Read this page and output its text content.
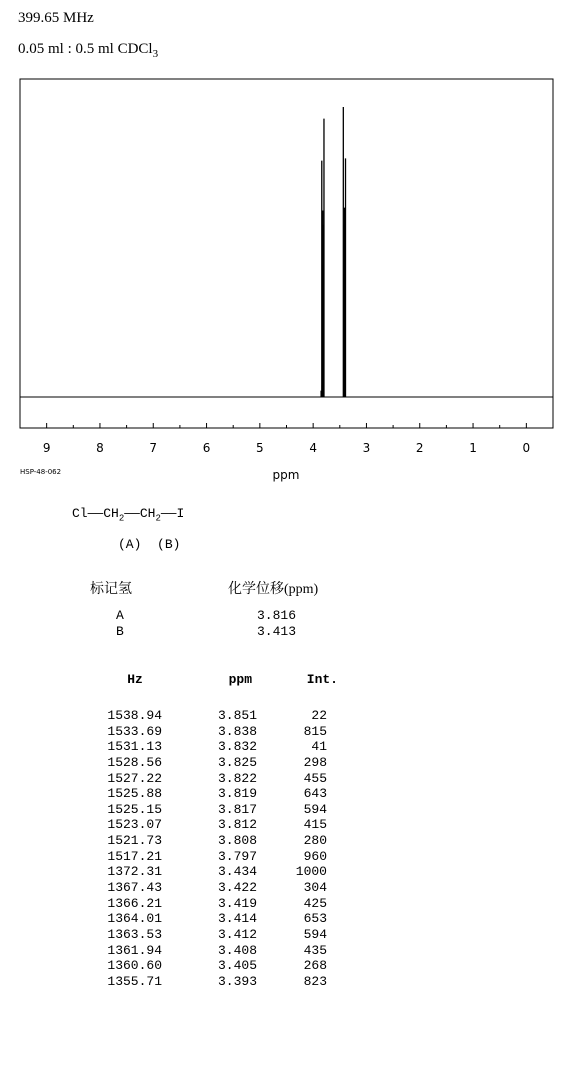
399.65 MHz
0.05 ml : 0.5 ml CDCl$_3$
9	8	7	6	5	4	3	2	1	0
ppm
HSP-48-062
$Cl——CH_2——CH_2——I$
(A) (B)
标记氢	化学位移(ppm)
A	3.816
B	3.413
Hz	ppm	Int.
1538.94	3.851	22
1533.69	3.838	815
1531.13	3.832	41
1528.56	3.825	298
1527.22	3.822	455
1525.88	3.819	643
1525.15	3.817	594
1523.07	3.812	415
1521.73	3.808	280
1517.21	3.797	960
1372.31	3.434	1000
1367.43	3.422	304
1366.21	3.419	425
1364.01	3.414	653
1363.53	3.412	594
1361.94	3.408	435
1360.60	3.405	268
1355.71	3.393	823
